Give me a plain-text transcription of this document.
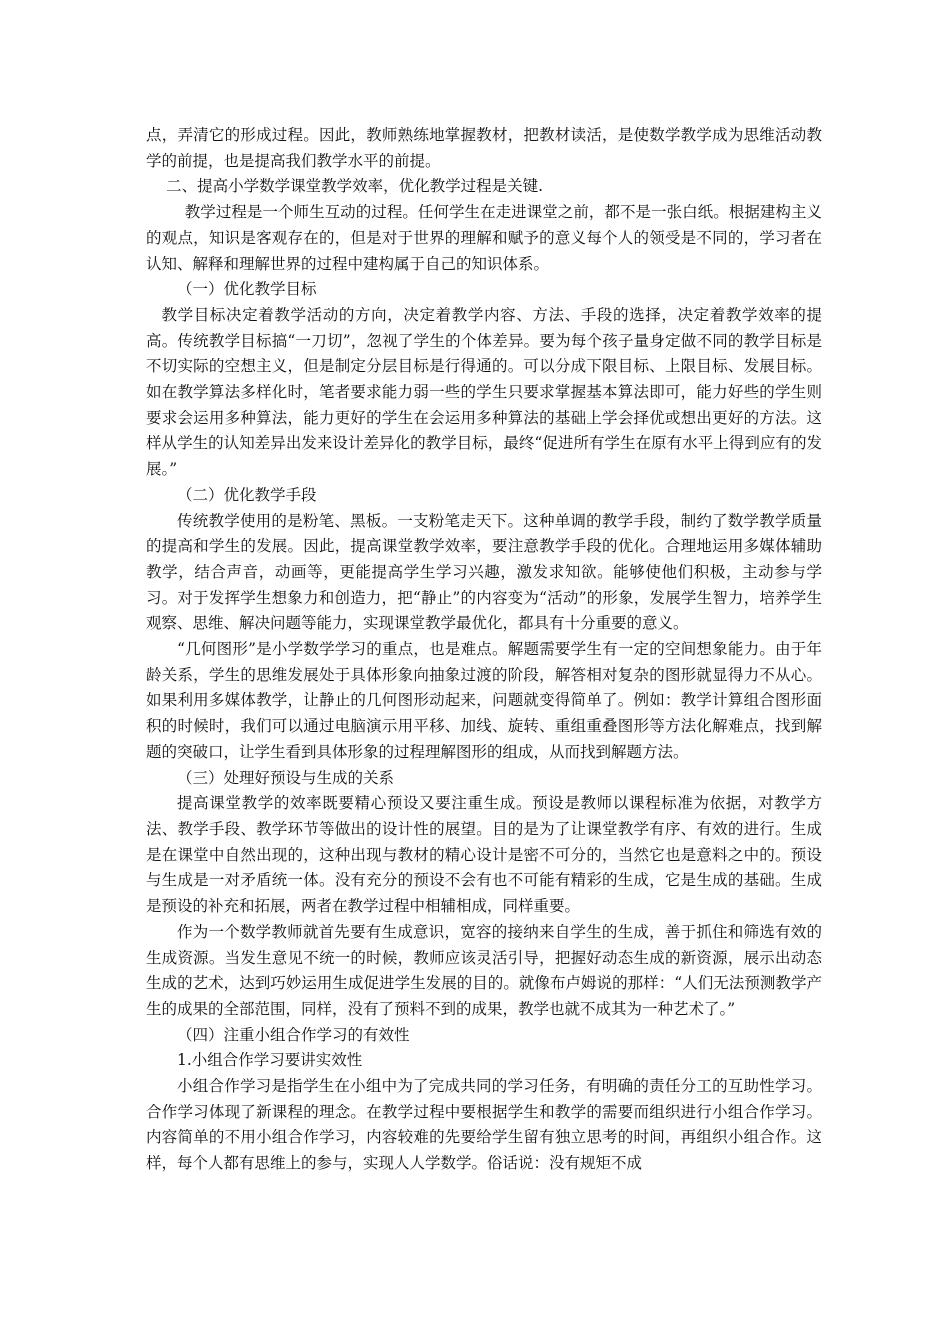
点，弄清它的形成过程。因此，教师熟练地掌握教材，把教材读活，是使数学教学成为思维活动教学的前提，也是提高我们教学水平的前提。

二、提高小学数学课堂教学效率，优化教学过程是关键.

教学过程是一个师生互动的过程。任何学生在走进课堂之前，都不是一张白纸。根据建构主义的观点，知识是客观存在的，但是对于世界的理解和赋予的意义每个人的领受是不同的，学习者在认知、解释和理解世界的过程中建构属于自己的知识体系。

（一）优化教学目标

教学目标决定着教学活动的方向，决定着教学内容、方法、手段的选择，决定着教学效率的提高。传统教学目标搞“一刀切”，忽视了学生的个体差异。要为每个孩子量身定做不同的教学目标是不切实际的空想主义，但是制定分层目标是行得通的。可以分成下限目标、上限目标、发展目标。如在教学算法多样化时，笔者要求能力弱一些的学生只要求掌握基本算法即可，能力好些的学生则要求会运用多种算法，能力更好的学生在会运用多种算法的基础上学会择优或想出更好的方法。这样从学生的认知差异出发来设计差异化的教学目标，最终“促进所有学生在原有水平上得到应有的发展。”

（二）优化教学手段

传统教学使用的是粉笔、黑板。一支粉笔走天下。这种单调的教学手段，制约了数学教学质量的提高和学生的发展。因此，提高课堂教学效率，要注意教学手段的优化。合理地运用多媒体辅助教学，结合声音，动画等，更能提高学生学习兴趣，激发求知欲。能够使他们积极，主动参与学习。对于发挥学生想象力和创造力，把“静止”的内容变为“活动”的形象，发展学生智力，培养学生观察、思维、解决问题等能力，实现课堂教学最优化，都具有十分重要的意义。

“几何图形”是小学数学学习的重点，也是难点。解题需要学生有一定的空间想象能力。由于年龄关系，学生的思维发展处于具体形象向抽象过渡的阶段，解答相对复杂的图形就显得力不从心。如果利用多媒体教学，让静止的几何图形动起来，问题就变得简单了。例如：教学计算组合图形面积的时候时，我们可以通过电脑演示用平移、加线、旋转、重组重叠图形等方法化解难点，找到解题的突破口，让学生看到具体形象的过程理解图形的组成，从而找到解题方法。

（三）处理好预设与生成的关系

提高课堂教学的效率既要精心预设又要注重生成。预设是教师以课程标准为依据，对教学方法、教学手段、教学环节等做出的设计性的展望。目的是为了让课堂教学有序、有效的进行。生成是在课堂中自然出现的，这种出现与教材的精心设计是密不可分的，当然它也是意料之中的。预设与生成是一对矛盾统一体。没有充分的预设不会有也不可能有精彩的生成，它是生成的基础。生成是预设的补充和拓展，两者在教学过程中相辅相成，同样重要。

作为一个数学教师就首先要有生成意识，宽容的接纳来自学生的生成，善于抓住和筛选有效的生成资源。当发生意见不统一的时候，教师应该灵活引导，把握好动态生成的新资源，展示出动态生成的艺术，达到巧妙运用生成促进学生发展的目的。就像布卢姆说的那样：“人们无法预测教学产生的成果的全部范围，同样，没有了预料不到的成果，教学也就不成其为一种艺术了。”

（四）注重小组合作学习的有效性

1.小组合作学习要讲实效性

小组合作学习是指学生在小组中为了完成共同的学习任务，有明确的责任分工的互助性学习。合作学习体现了新课程的理念。在教学过程中要根据学生和教学的需要而组织进行小组合作学习。内容简单的不用小组合作学习，内容较难的先要给学生留有独立思考的时间，再组织小组合作。这样，每个人都有思维上的参与，实现人人学数学。俗话说：没有规矩不成
